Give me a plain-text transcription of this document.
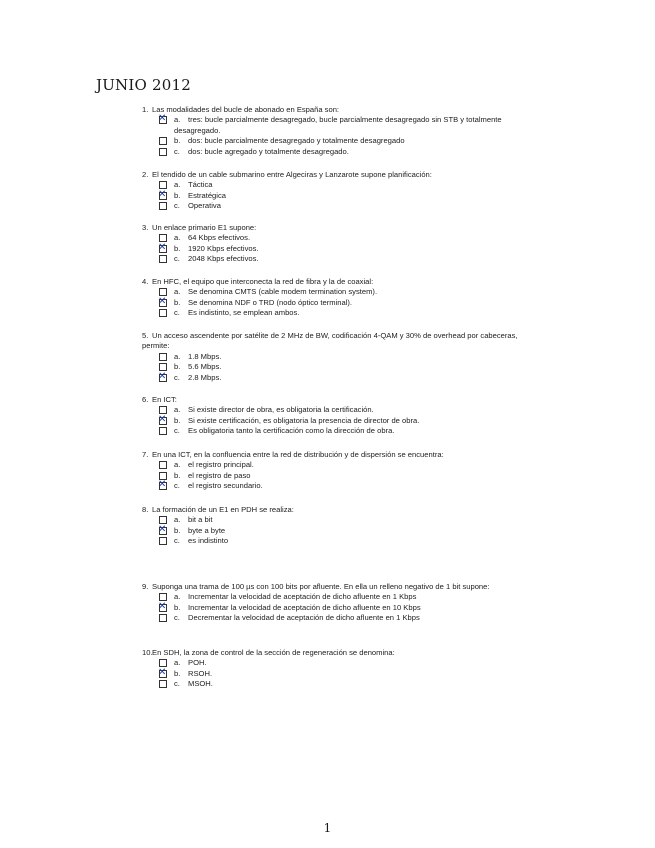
JUNIO 2012
1. Las modalidades del bucle de abonado en España son:
✕ a. tres: bucle parcialmente desagregado, bucle parcialmente desagregado sin STB y totalmente desagregado.
b. dos: bucle parcialmente desagregado y totalmente desagregado
c. dos: bucle agregado y totalmente desagregado.
2. El tendido de un cable submarino entre Algeciras y Lanzarote supone planificación:
a. Táctica
✕ b. Estratégica
c. Operativa
3. Un enlace primario E1 supone:
a. 64 Kbps efectivos.
✕ b. 1920 Kbps efectivos.
c. 2048 Kbps efectivos.
4. En HFC, el equipo que interconecta la red de fibra y la de coaxial:
a. Se denomina CMTS (cable modem termination system).
✕ b. Se denomina NDF o TRD (nodo óptico terminal).
c. Es indistinto, se emplean ambos.
5. Un acceso ascendente por satélite de 2 MHz de BW, codificación 4-QAM y 30% de overhead por cabeceras, permite:
a. 1.8 Mbps.
b. 5.6 Mbps.
✕ c. 2.8 Mbps.
6. En ICT:
a. Si existe director de obra, es obligatoria la certificación.
✕ b. Si existe certificación, es obligatoria la presencia de director de obra.
c. Es obligatoria tanto la certificación como la dirección de obra.
7. En una ICT, en la confluencia entre la red de distribución y de dispersión se encuentra:
a. el registro principal.
b. el registro de paso
✕ c. el registro secundario.
8. La formación de un E1 en PDH se realiza:
a. bit a bit
✕ b. byte a byte
c. es indistinto
9. Suponga una trama de 100 µs con 100 bits por afluente. En ella un relleno negativo de 1 bit supone:
a. Incrementar la velocidad de aceptación de dicho afluente en 1 Kbps
✕ b. Incrementar la velocidad de aceptación de dicho afluente en 10 Kbps
c. Decrementar la velocidad de aceptación de dicho afluente en 1 Kbps
10.En SDH, la zona de control de la sección de regeneración se denomina:
a. POH.
✕ b. RSOH.
c. MSOH.
1
